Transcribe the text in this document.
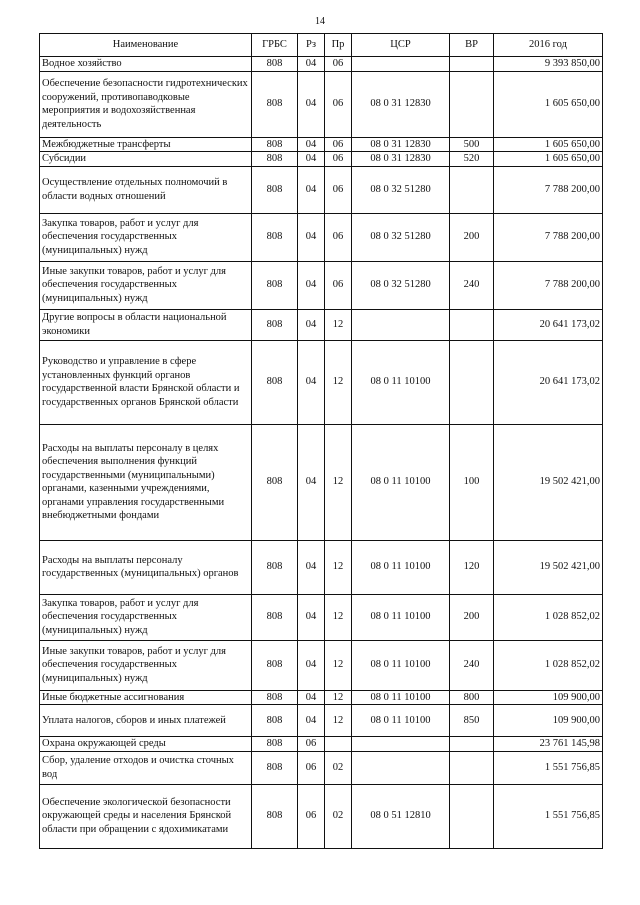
14
Наименование	ГРБС	Рз	Пр	ЦСР	ВР	2016 год
Водное хозяйство	808	04	06			9 393 850,00
Обеспечение безопасности гидротехнических сооружений, противопаводковые мероприятия и водохозяйственная деятельность	808	04	06	08 0 31 12830		1 605 650,00
Межбюджетные трансферты	808	04	06	08 0 31 12830	500	1 605 650,00
Субсидии	808	04	06	08 0 31 12830	520	1 605 650,00
Осуществление отдельных полномочий в области водных отношений	808	04	06	08 0 32 51280		7 788 200,00
Закупка товаров, работ и услуг для обеспечения государственных (муниципальных) нужд	808	04	06	08 0 32 51280	200	7 788 200,00
Иные закупки товаров, работ и услуг для обеспечения государственных (муниципальных) нужд	808	04	06	08 0 32 51280	240	7 788 200,00
Другие вопросы в области национальной экономики	808	04	12			20 641 173,02
Руководство и управление в сфере установленных функций органов государственной власти Брянской области и государственных органов Брянской области	808	04	12	08 0 11 10100		20 641 173,02
Расходы на выплаты персоналу в целях обеспечения выполнения функций государственными (муниципальными) органами, казенными учреждениями, органами управления государственными внебюджетными фондами	808	04	12	08 0 11 10100	100	19 502 421,00
Расходы на выплаты персоналу государственных (муниципальных) органов	808	04	12	08 0 11 10100	120	19 502 421,00
Закупка товаров, работ и услуг для обеспечения государственных (муниципальных) нужд	808	04	12	08 0 11 10100	200	1 028 852,02
Иные закупки товаров, работ и услуг для обеспечения государственных (муниципальных) нужд	808	04	12	08 0 11 10100	240	1 028 852,02
Иные бюджетные ассигнования	808	04	12	08 0 11 10100	800	109 900,00
Уплата налогов, сборов и иных платежей	808	04	12	08 0 11 10100	850	109 900,00
Охрана окружающей среды	808	06				23 761 145,98
Сбор, удаление отходов и очистка сточных вод	808	06	02			1 551 756,85
Обеспечение экологической безопасности окружающей среды и населения Брянской области при обращении с ядохимикатами	808	06	02	08 0 51 12810		1 551 756,85
